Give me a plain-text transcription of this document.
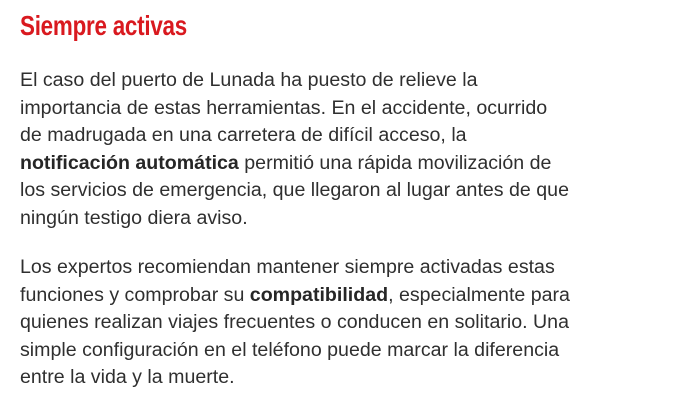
Siempre activas

El caso del puerto de Lunada ha puesto de relieve la
importancia de estas herramientas. En el accidente, ocurrido
de madrugada en una carretera de difícil acceso, la
notificación automática permitió una rápida movilización de
los servicios de emergencia, que llegaron al lugar antes de que
ningún testigo diera aviso.

Los expertos recomiendan mantener siempre activadas estas
funciones y comprobar su compatibilidad, especialmente para
quienes realizan viajes frecuentes o conducen en solitario. Una
simple configuración en el teléfono puede marcar la diferencia
entre la vida y la muerte.
